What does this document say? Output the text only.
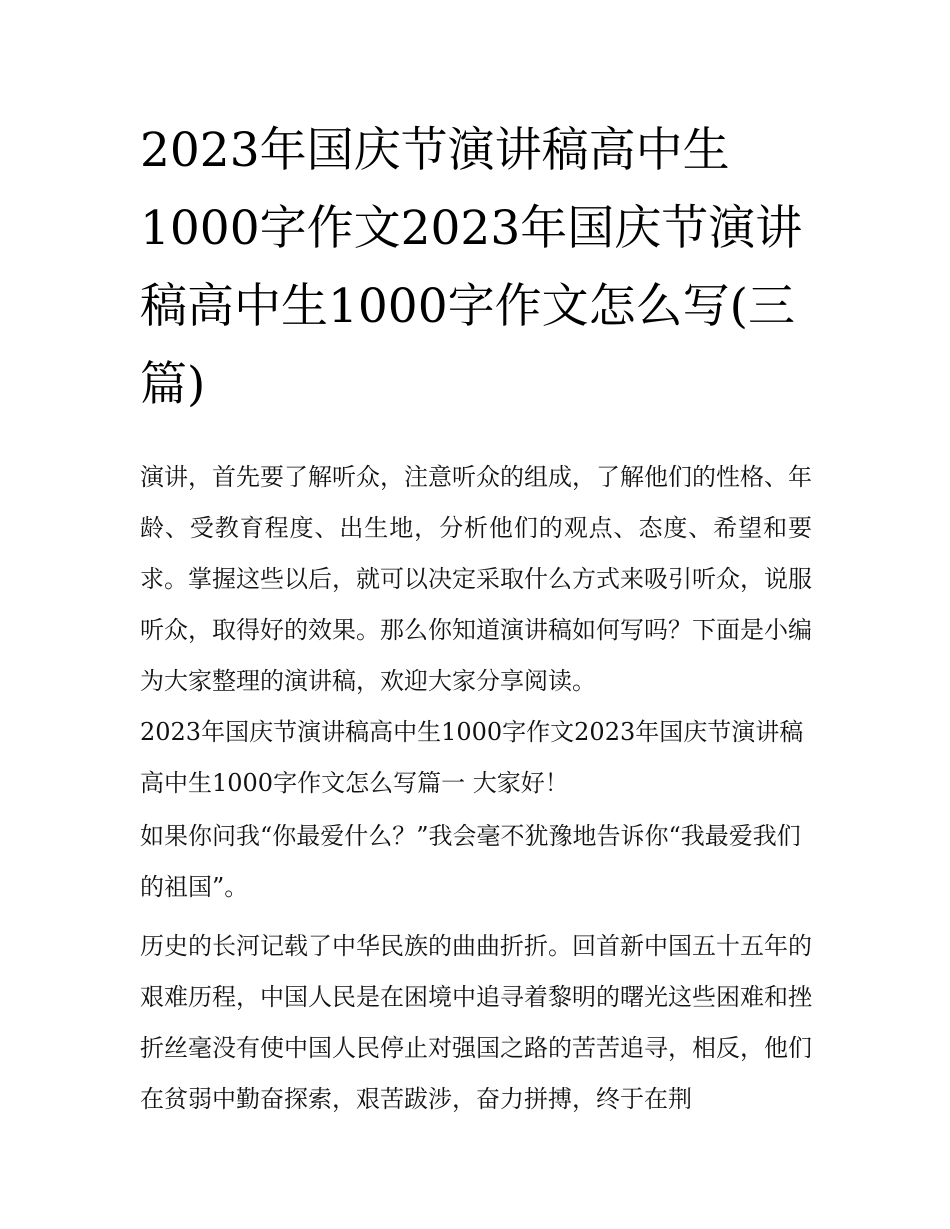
2023年国庆节演讲稿高中生1000字作文2023年国庆节演讲稿高中生1000字作文怎么写(三篇)

演讲，首先要了解听众，注意听众的组成，了解他们的性格、年龄、受教育程度、出生地，分析他们的观点、态度、希望和要求。掌握这些以后，就可以决定采取什么方式来吸引听众，说服听众，取得好的效果。那么你知道演讲稿如何写吗？下面是小编为大家整理的演讲稿，欢迎大家分享阅读。

2023年国庆节演讲稿高中生1000字作文2023年国庆节演讲稿高中生1000字作文怎么写篇一 大家好！

如果你问我“你最爱什么？”我会毫不犹豫地告诉你“我最爱我们的祖国”。

历史的长河记载了中华民族的曲曲折折。回首新中国五十五年的艰难历程，中国人民是在困境中追寻着黎明的曙光这些困难和挫折丝毫没有使中国人民停止对强国之路的苦苦追寻，相反，他们在贫弱中勤奋探索，艰苦跋涉，奋力拼搏，终于在荆
